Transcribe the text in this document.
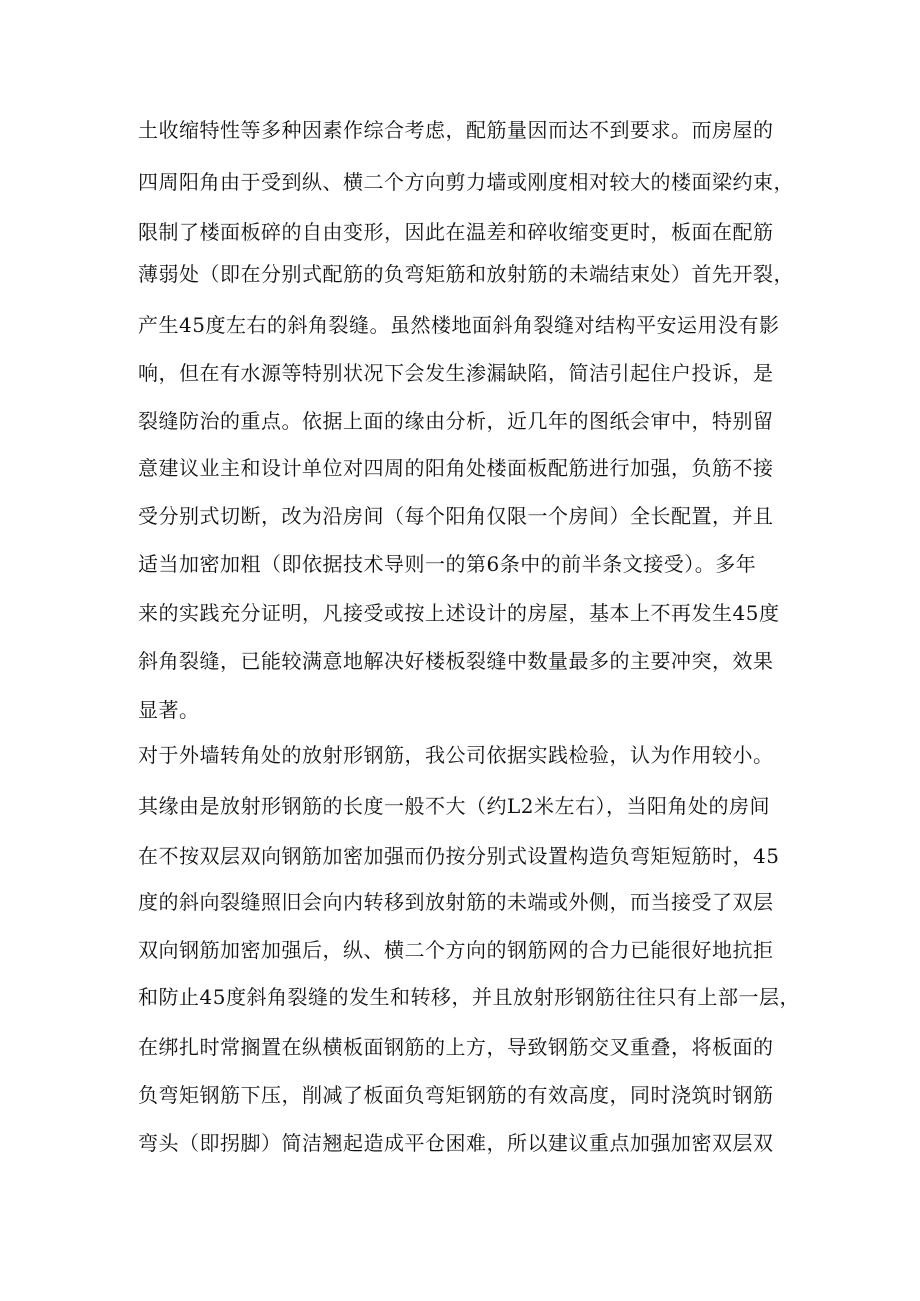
土收缩特性等多种因素作综合考虑，配筋量因而达不到要求。而房屋的
四周阳角由于受到纵、横二个方向剪力墙或刚度相对较大的楼面梁约束，
限制了楼面板碎的自由变形，因此在温差和碎收缩变更时，板面在配筋
薄弱处（即在分别式配筋的负弯矩筋和放射筋的未端结束处）首先开裂，
产生45度左右的斜角裂缝。虽然楼地面斜角裂缝对结构平安运用没有影
响，但在有水源等特别状况下会发生渗漏缺陷，简洁引起住户投诉，是
裂缝防治的重点。依据上面的缘由分析，近几年的图纸会审中，特别留
意建议业主和设计单位对四周的阳角处楼面板配筋进行加强，负筋不接
受分别式切断，改为沿房间（每个阳角仅限一个房间）全长配置，并且
适当加密加粗（即依据技术导则一的第6条中的前半条文接受）。多年
来的实践充分证明，凡接受或按上述设计的房屋，基本上不再发生45度
斜角裂缝，已能较满意地解决好楼板裂缝中数量最多的主要冲突，效果
显著。
对于外墙转角处的放射形钢筋，我公司依据实践检验，认为作用较小。
其缘由是放射形钢筋的长度一般不大（约L2米左右），当阳角处的房间
在不按双层双向钢筋加密加强而仍按分别式设置构造负弯矩短筋时，45
度的斜向裂缝照旧会向内转移到放射筋的未端或外侧，而当接受了双层
双向钢筋加密加强后，纵、横二个方向的钢筋网的合力已能很好地抗拒
和防止45度斜角裂缝的发生和转移，并且放射形钢筋往往只有上部一层，
在绑扎时常搁置在纵横板面钢筋的上方，导致钢筋交叉重叠，将板面的
负弯矩钢筋下压，削减了板面负弯矩钢筋的有效高度，同时浇筑时钢筋
弯头（即拐脚）简洁翘起造成平仓困难，所以建议重点加强加密双层双
